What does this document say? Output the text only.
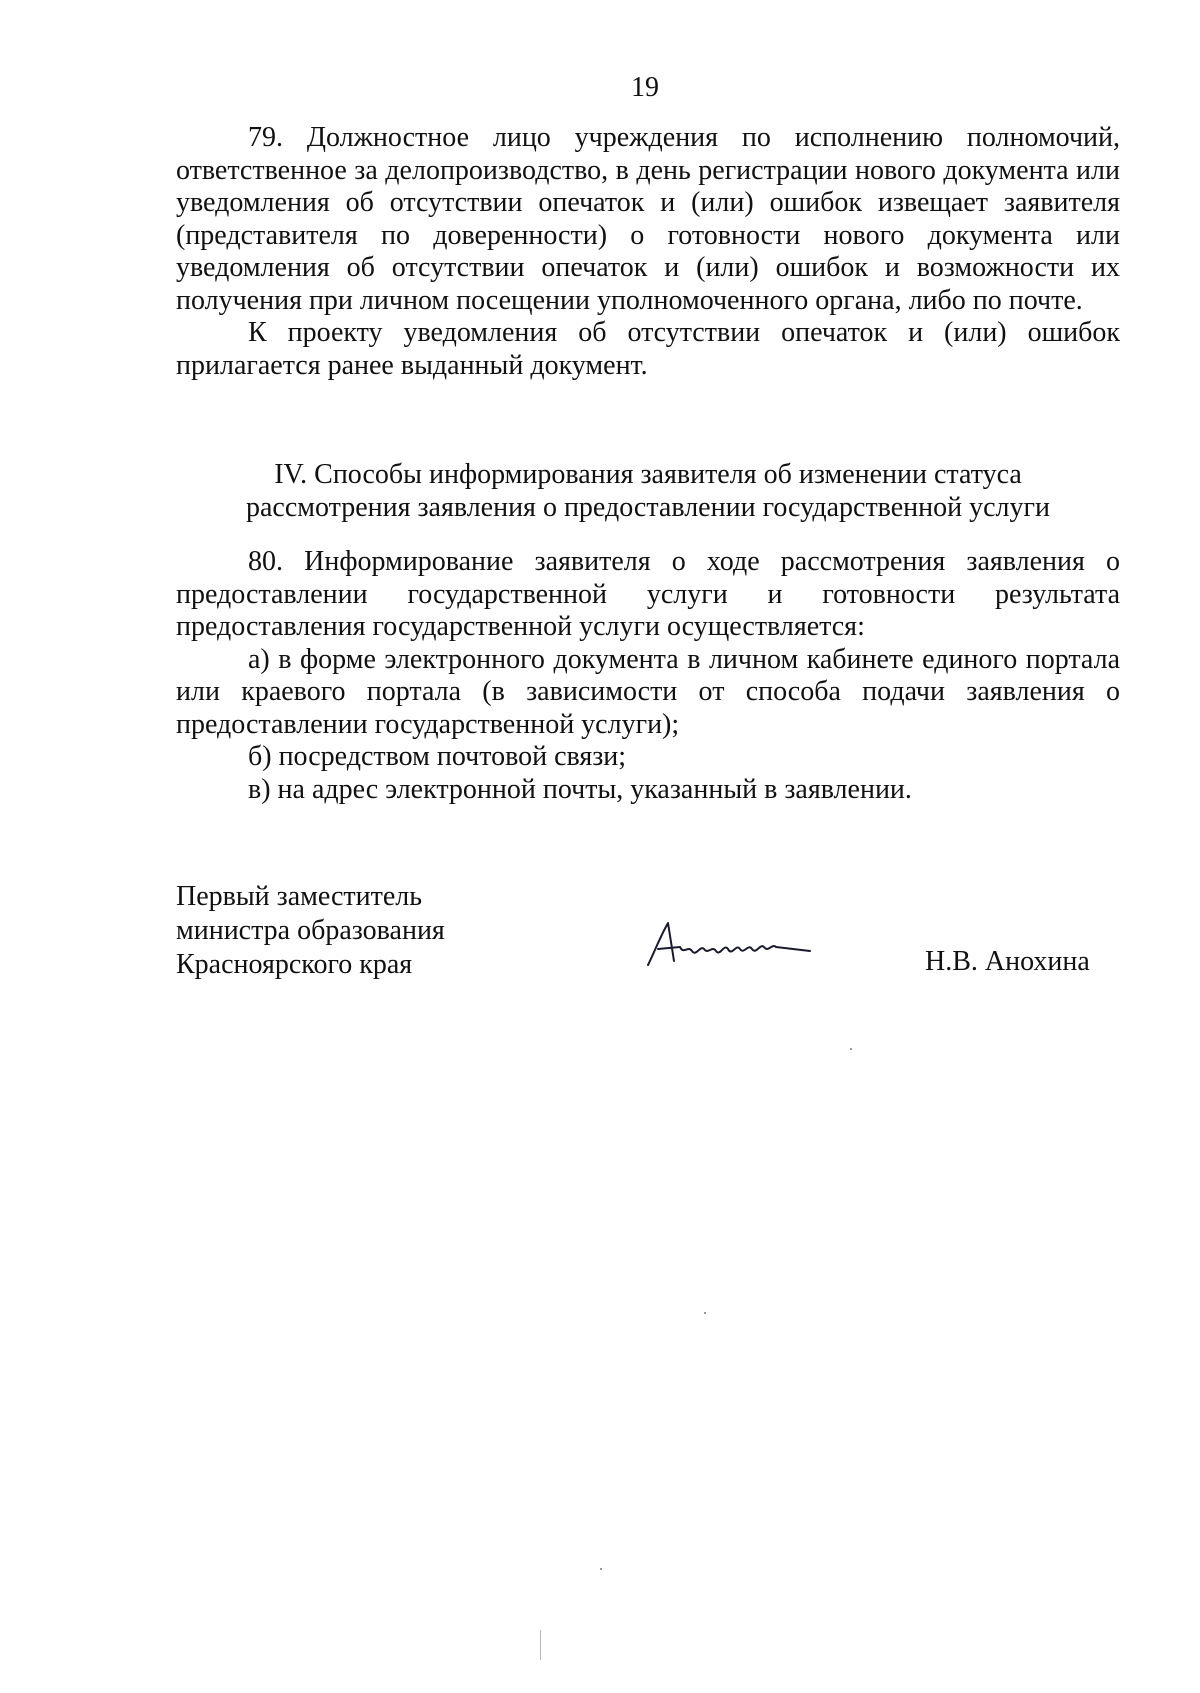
19

79. Должностное лицо учреждения по исполнению полномочий, ответственное за делопроизводство, в день регистрации нового документа или уведомления об отсутствии опечаток и (или) ошибок извещает заявителя (представителя по доверенности) о готовности нового документа или уведомления об отсутствии опечаток и (или) ошибок и возможности их получения при личном посещении уполномоченного органа, либо по почте.

К проекту уведомления об отсутствии опечаток и (или) ошибок прилагается ранее выданный документ.

IV. Способы информирования заявителя об изменении статуса
рассмотрения заявления о предоставлении государственной услуги

80. Информирование заявителя о ходе рассмотрения заявления о предоставлении государственной услуги и готовности результата предоставления государственной услуги осуществляется:

а) в форме электронного документа в личном кабинете единого портала или краевого портала (в зависимости от способа подачи заявления о предоставлении государственной услуги);

б) посредством почтовой связи;

в) на адрес электронной почты, указанный в заявлении.

Первый заместитель
министра образования
Красноярского края	Н.В. Анохина
